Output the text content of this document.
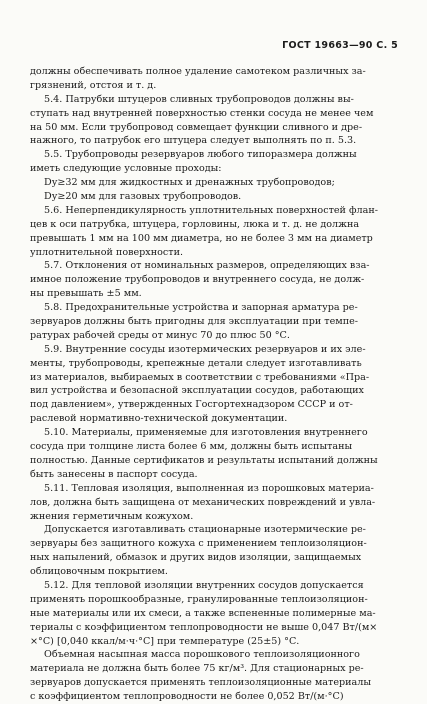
ГОСТ 19663—90 С. 5
должны обеспечивать полное удаление самотеком различных за-
грязнений, отстоя и т. д.
5.4. Патрубки штуцеров сливных трубопроводов должны вы-
ступать над внутренней поверхностью стенки сосуда не менее чем
на 50 мм. Если трубопровод совмещает функции сливного и дре-
нажного, то патрубок его штуцера следует выполнять по п. 5.3.
5.5. Трубопроводы резервуаров любого типоразмера должны
иметь следующие условные проходы:
Dу≥32 мм для жидкостных и дренажных трубопроводов;
Dу≥20 мм для газовых трубопроводов.
5.6. Неперпендикулярность уплотнительных поверхностей флан-
цев к оси патрубка, штуцера, горловины, люка и т. д. не должна
превышать 1 мм на 100 мм диаметра, но не более 3 мм на диаметр
уплотнительной поверхности.
5.7. Отклонения от номинальных размеров, определяющих вза-
имное положение трубопроводов и внутреннего сосуда, не долж-
ны превышать ±5 мм.
5.8. Предохранительные устройства и запорная арматура ре-
зервуаров должны быть пригодны для эксплуатации при темпе-
ратурах рабочей среды от минус 70 до плюс 50 °С.
5.9. Внутренние сосуды изотермических резервуаров и их эле-
менты, трубопроводы, крепежные детали следует изготавливать
из материалов, выбираемых в соответствии с требованиями «Пра-
вил устройства и безопасной эксплуатации сосудов, работающих
под давлением», утвержденных Госгортехнадзором СССР и от-
раслевой нормативно-технической документации.
5.10. Материалы, применяемые для изготовления внутреннего
сосуда при толщине листа более 6 мм, должны быть испытаны
полностью. Данные сертификатов и результаты испытаний должны
быть занесены в паспорт сосуда.
5.11. Тепловая изоляция, выполненная из порошковых материа-
лов, должна быть защищена от механических повреждений и увла-
жнения герметичным кожухом.
Допускается изготавливать стационарные изотермические ре-
зервуары без защитного кожуха с применением теплоизоляцион-
ных напылений, обмазок и других видов изоляции, защищаемых
облицовочным покрытием.
5.12. Для тепловой изоляции внутренних сосудов допускается
применять порошкообразные, гранулированные теплоизоляцион-
ные материалы или их смеси, а также вспененные полимерные ма-
териалы с коэффициентом теплопроводности не выше 0,047 Вт/(м×
×°С) [0,040 ккал/м·ч·°С] при температуре (25±5) °С.
Объемная насыпная масса порошкового теплоизоляционного
материала не должна быть более 75 кг/м³. Для стационарных ре-
зервуаров допускается применять теплоизоляционные материалы
с коэффициентом теплопроводности не более 0,052 Вт/(м·°С)
